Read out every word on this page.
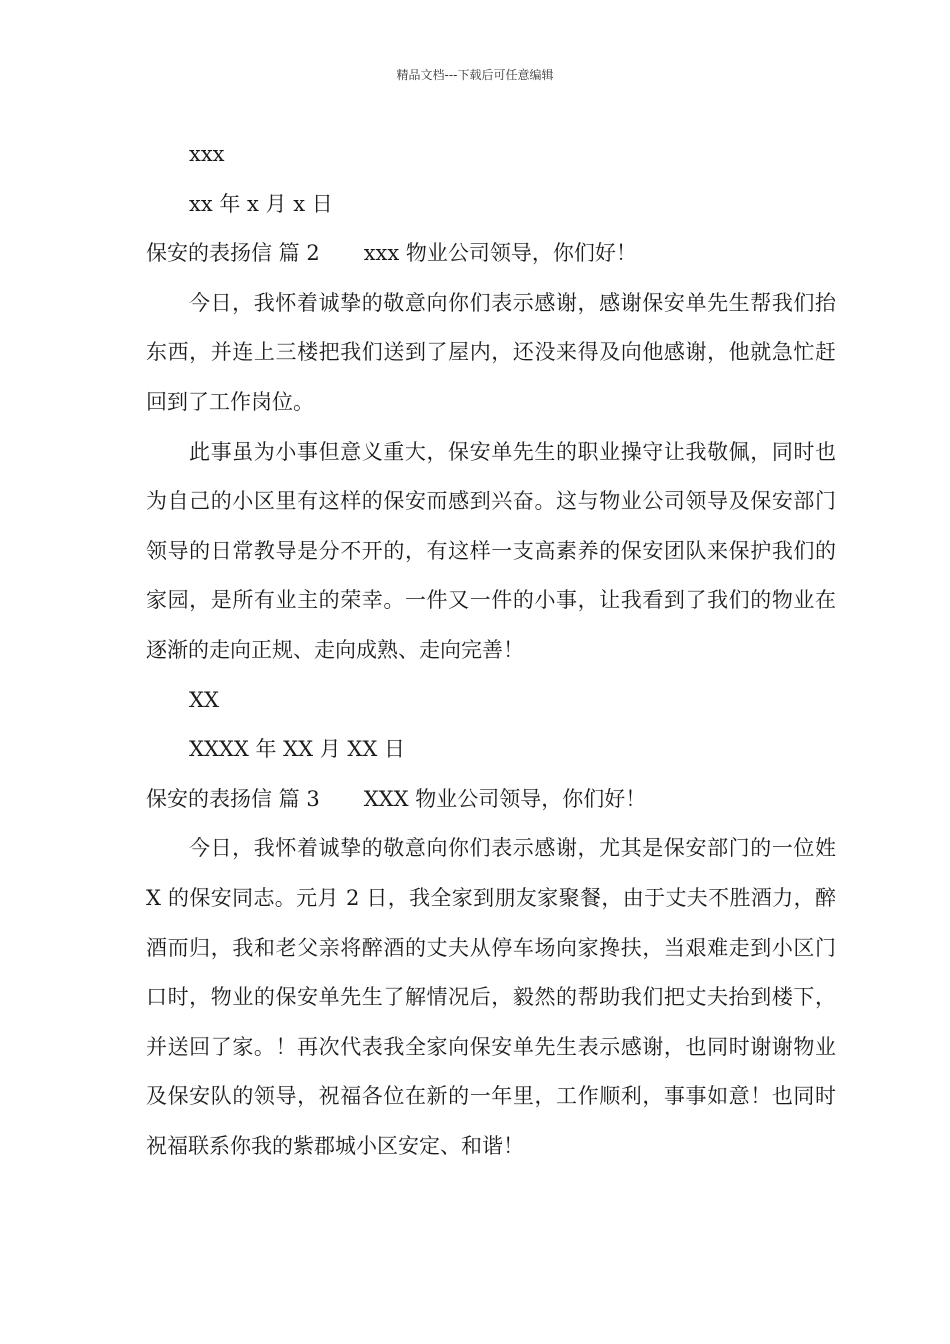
精品文档---下载后可任意编辑
xxx
xx 年 x 月 x 日
保安的表扬信 篇 2 xxx 物业公司领导，你们好！

今日，我怀着诚挚的敬意向你们表示感谢，感谢保安单先生帮我们抬东西，并连上三楼把我们送到了屋内，还没来得及向他感谢，他就急忙赶回到了工作岗位。

此事虽为小事但意义重大，保安单先生的职业操守让我敬佩，同时也为自己的小区里有这样的保安而感到兴奋。这与物业公司领导及保安部门领导的日常教导是分不开的，有这样一支高素养的保安团队来保护我们的家园，是所有业主的荣幸。一件又一件的小事，让我看到了我们的物业在逐渐的走向正规、走向成熟、走向完善！

XX
XXXX 年 XX 月 XX 日
保安的表扬信 篇 3 XXX 物业公司领导，你们好！

今日，我怀着诚挚的敬意向你们表示感谢，尤其是保安部门的一位姓 X 的保安同志。元月 2 日，我全家到朋友家聚餐，由于丈夫不胜酒力，醉酒而归，我和老父亲将醉酒的丈夫从停车场向家搀扶，当艰难走到小区门口时，物业的保安单先生了解情况后，毅然的帮助我们把丈夫抬到楼下，并送回了家。！再次代表我全家向保安单先生表示感谢，也同时谢谢物业及保安队的领导，祝福各位在新的一年里，工作顺利，事事如意！也同时祝福联系你我的紫郡城小区安定、和谐！
